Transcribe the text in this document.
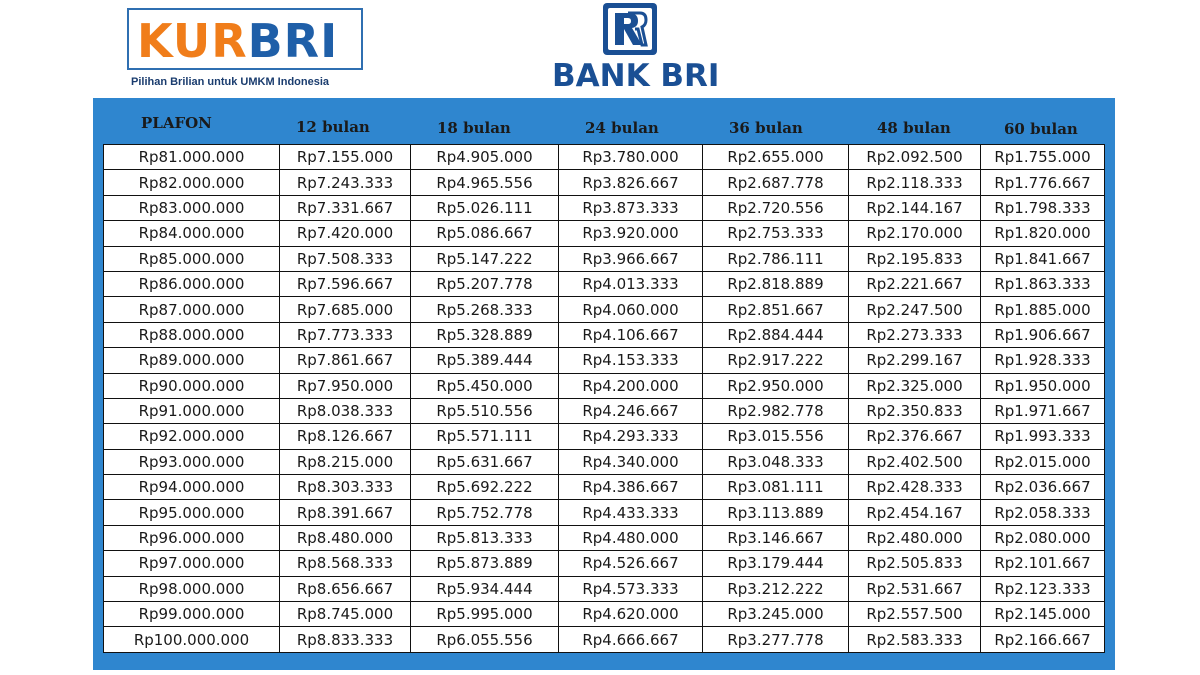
KURBRI
Pilihan Brilian untuk UMKM Indonesia	BANK BRI
PLAFON	12 bulan	18 bulan	24 bulan	36 bulan	48 bulan	60 bulan
Rp81.000.000	Rp7.155.000	Rp4.905.000	Rp3.780.000	Rp2.655.000	Rp2.092.500	Rp1.755.000
Rp82.000.000	Rp7.243.333	Rp4.965.556	Rp3.826.667	Rp2.687.778	Rp2.118.333	Rp1.776.667
Rp83.000.000	Rp7.331.667	Rp5.026.111	Rp3.873.333	Rp2.720.556	Rp2.144.167	Rp1.798.333
Rp84.000.000	Rp7.420.000	Rp5.086.667	Rp3.920.000	Rp2.753.333	Rp2.170.000	Rp1.820.000
Rp85.000.000	Rp7.508.333	Rp5.147.222	Rp3.966.667	Rp2.786.111	Rp2.195.833	Rp1.841.667
Rp86.000.000	Rp7.596.667	Rp5.207.778	Rp4.013.333	Rp2.818.889	Rp2.221.667	Rp1.863.333
Rp87.000.000	Rp7.685.000	Rp5.268.333	Rp4.060.000	Rp2.851.667	Rp2.247.500	Rp1.885.000
Rp88.000.000	Rp7.773.333	Rp5.328.889	Rp4.106.667	Rp2.884.444	Rp2.273.333	Rp1.906.667
Rp89.000.000	Rp7.861.667	Rp5.389.444	Rp4.153.333	Rp2.917.222	Rp2.299.167	Rp1.928.333
Rp90.000.000	Rp7.950.000	Rp5.450.000	Rp4.200.000	Rp2.950.000	Rp2.325.000	Rp1.950.000
Rp91.000.000	Rp8.038.333	Rp5.510.556	Rp4.246.667	Rp2.982.778	Rp2.350.833	Rp1.971.667
Rp92.000.000	Rp8.126.667	Rp5.571.111	Rp4.293.333	Rp3.015.556	Rp2.376.667	Rp1.993.333
Rp93.000.000	Rp8.215.000	Rp5.631.667	Rp4.340.000	Rp3.048.333	Rp2.402.500	Rp2.015.000
Rp94.000.000	Rp8.303.333	Rp5.692.222	Rp4.386.667	Rp3.081.111	Rp2.428.333	Rp2.036.667
Rp95.000.000	Rp8.391.667	Rp5.752.778	Rp4.433.333	Rp3.113.889	Rp2.454.167	Rp2.058.333
Rp96.000.000	Rp8.480.000	Rp5.813.333	Rp4.480.000	Rp3.146.667	Rp2.480.000	Rp2.080.000
Rp97.000.000	Rp8.568.333	Rp5.873.889	Rp4.526.667	Rp3.179.444	Rp2.505.833	Rp2.101.667
Rp98.000.000	Rp8.656.667	Rp5.934.444	Rp4.573.333	Rp3.212.222	Rp2.531.667	Rp2.123.333
Rp99.000.000	Rp8.745.000	Rp5.995.000	Rp4.620.000	Rp3.245.000	Rp2.557.500	Rp2.145.000
Rp100.000.000	Rp8.833.333	Rp6.055.556	Rp4.666.667	Rp3.277.778	Rp2.583.333	Rp2.166.667
